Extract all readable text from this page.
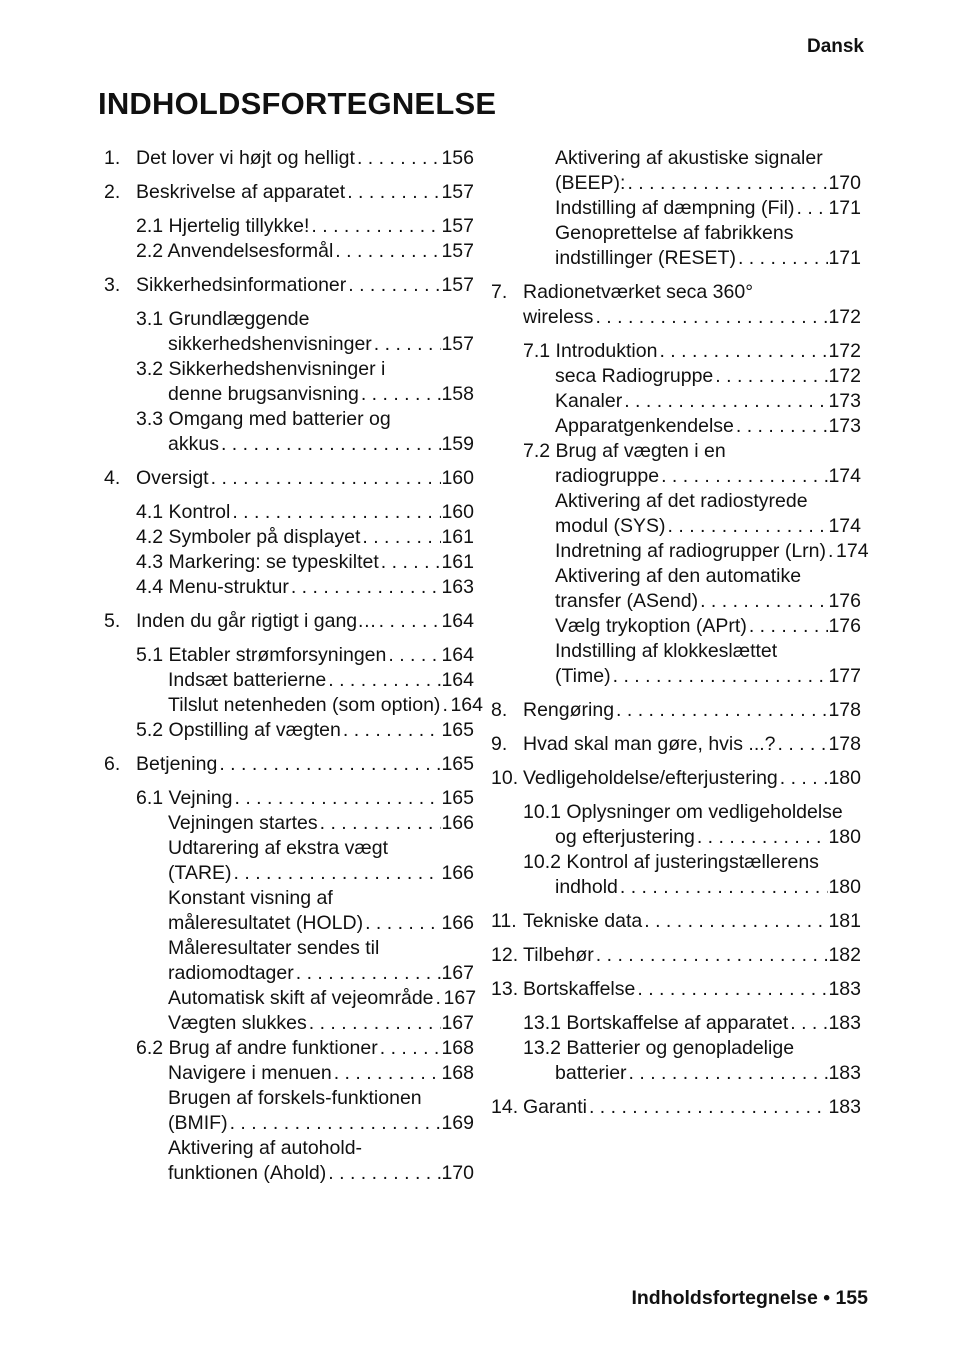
Dansk
INDHOLDSFORTEGNELSE
1. Det lover vi højt og helligt . . .	156
2. Beskrivelse af apparatet . . .	157
2.1 Hjertelig tillykke! . . .	157
2.2 Anvendelsesformål . . .	157
3. Sikkerhedsinformationer . . .	157
3.1 Grundlæggende
sikkerhedshenvisninger . . .	157
3.2 Sikkerhedshenvisninger i
denne brugsanvisning . . .	158
3.3 Omgang med batterier og
akkus . . .	159
4. Oversigt . . .	160
4.1 Kontrol . . .	160
4.2 Symboler på displayet . . .	161
4.3 Markering: se typeskiltet . . .	161
4.4 Menu-struktur . . .	163
5. Inden du går rigtigt i gang… . . .	164
5.1 Etabler strømforsyningen . . .	164
Indsæt batterierne . . .	164
Tilslut netenheden (som option) . . . 164
5.2 Opstilling af vægten . . .	165
6. Betjening . . .	165
6.1 Vejning . . .	165
Vejningen startes . . .	166
Udtarering af ekstra vægt
(TARE) . . .	166
Konstant visning af
måleresultatet (HOLD) . . .	166
Måleresultater sendes til
radiomodtager . . .	167
Automatisk skift af vejeområde . . . 167
Vægten slukkes . . .	167
6.2 Brug af andre funktioner . . .	168
Navigere i menuen . . .	168
Brugen af forskels-funktionen
(BMIF) . . .	169
Aktivering af autohold-
funktionen (Ahold) . . .	170
Aktivering af akustiske signaler
(BEEP): . . .	170
Indstilling af dæmpning (Fil) . . . 171
Genoprettelse af fabrikkens
indstillinger (RESET) . . .	171
7. Radionetværket seca 360°
wireless . . .	172
7.1 Introduktion . . .	172
seca Radiogruppe . . .	172
Kanaler . . .	173
Apparatgenkendelse . . .	173
7.2 Brug af vægten i en
radiogruppe . . .	174
Aktivering af det radiostyrede
modul (SYS) . . .	174
Indretning af radiogrupper (Lrn) . . . 174
Aktivering af den automatike
transfer (ASend) . . .	176
Vælg trykoption (APrt) . . .	176
Indstilling af klokkeslættet
(Time) . . .	177
8. Rengøring . . .	178
9. Hvad skal man gøre, hvis ...? . . .	178
10. Vedligeholdelse/efterjustering . . .	180
10.1 Oplysninger om vedligeholdelse
og efterjustering . . .	180
10.2 Kontrol af justeringstællerens
indhold . . .	180
11. Tekniske data . . .	181
12. Tilbehør . . .	182
13. Bortskaffelse . . .	183
13.1 Bortskaffelse af apparatet . . . 183
13.2 Batterier og genopladelige
batterier . . .	183
14. Garanti . . .	183
Indholdsfortegnelse • 155
